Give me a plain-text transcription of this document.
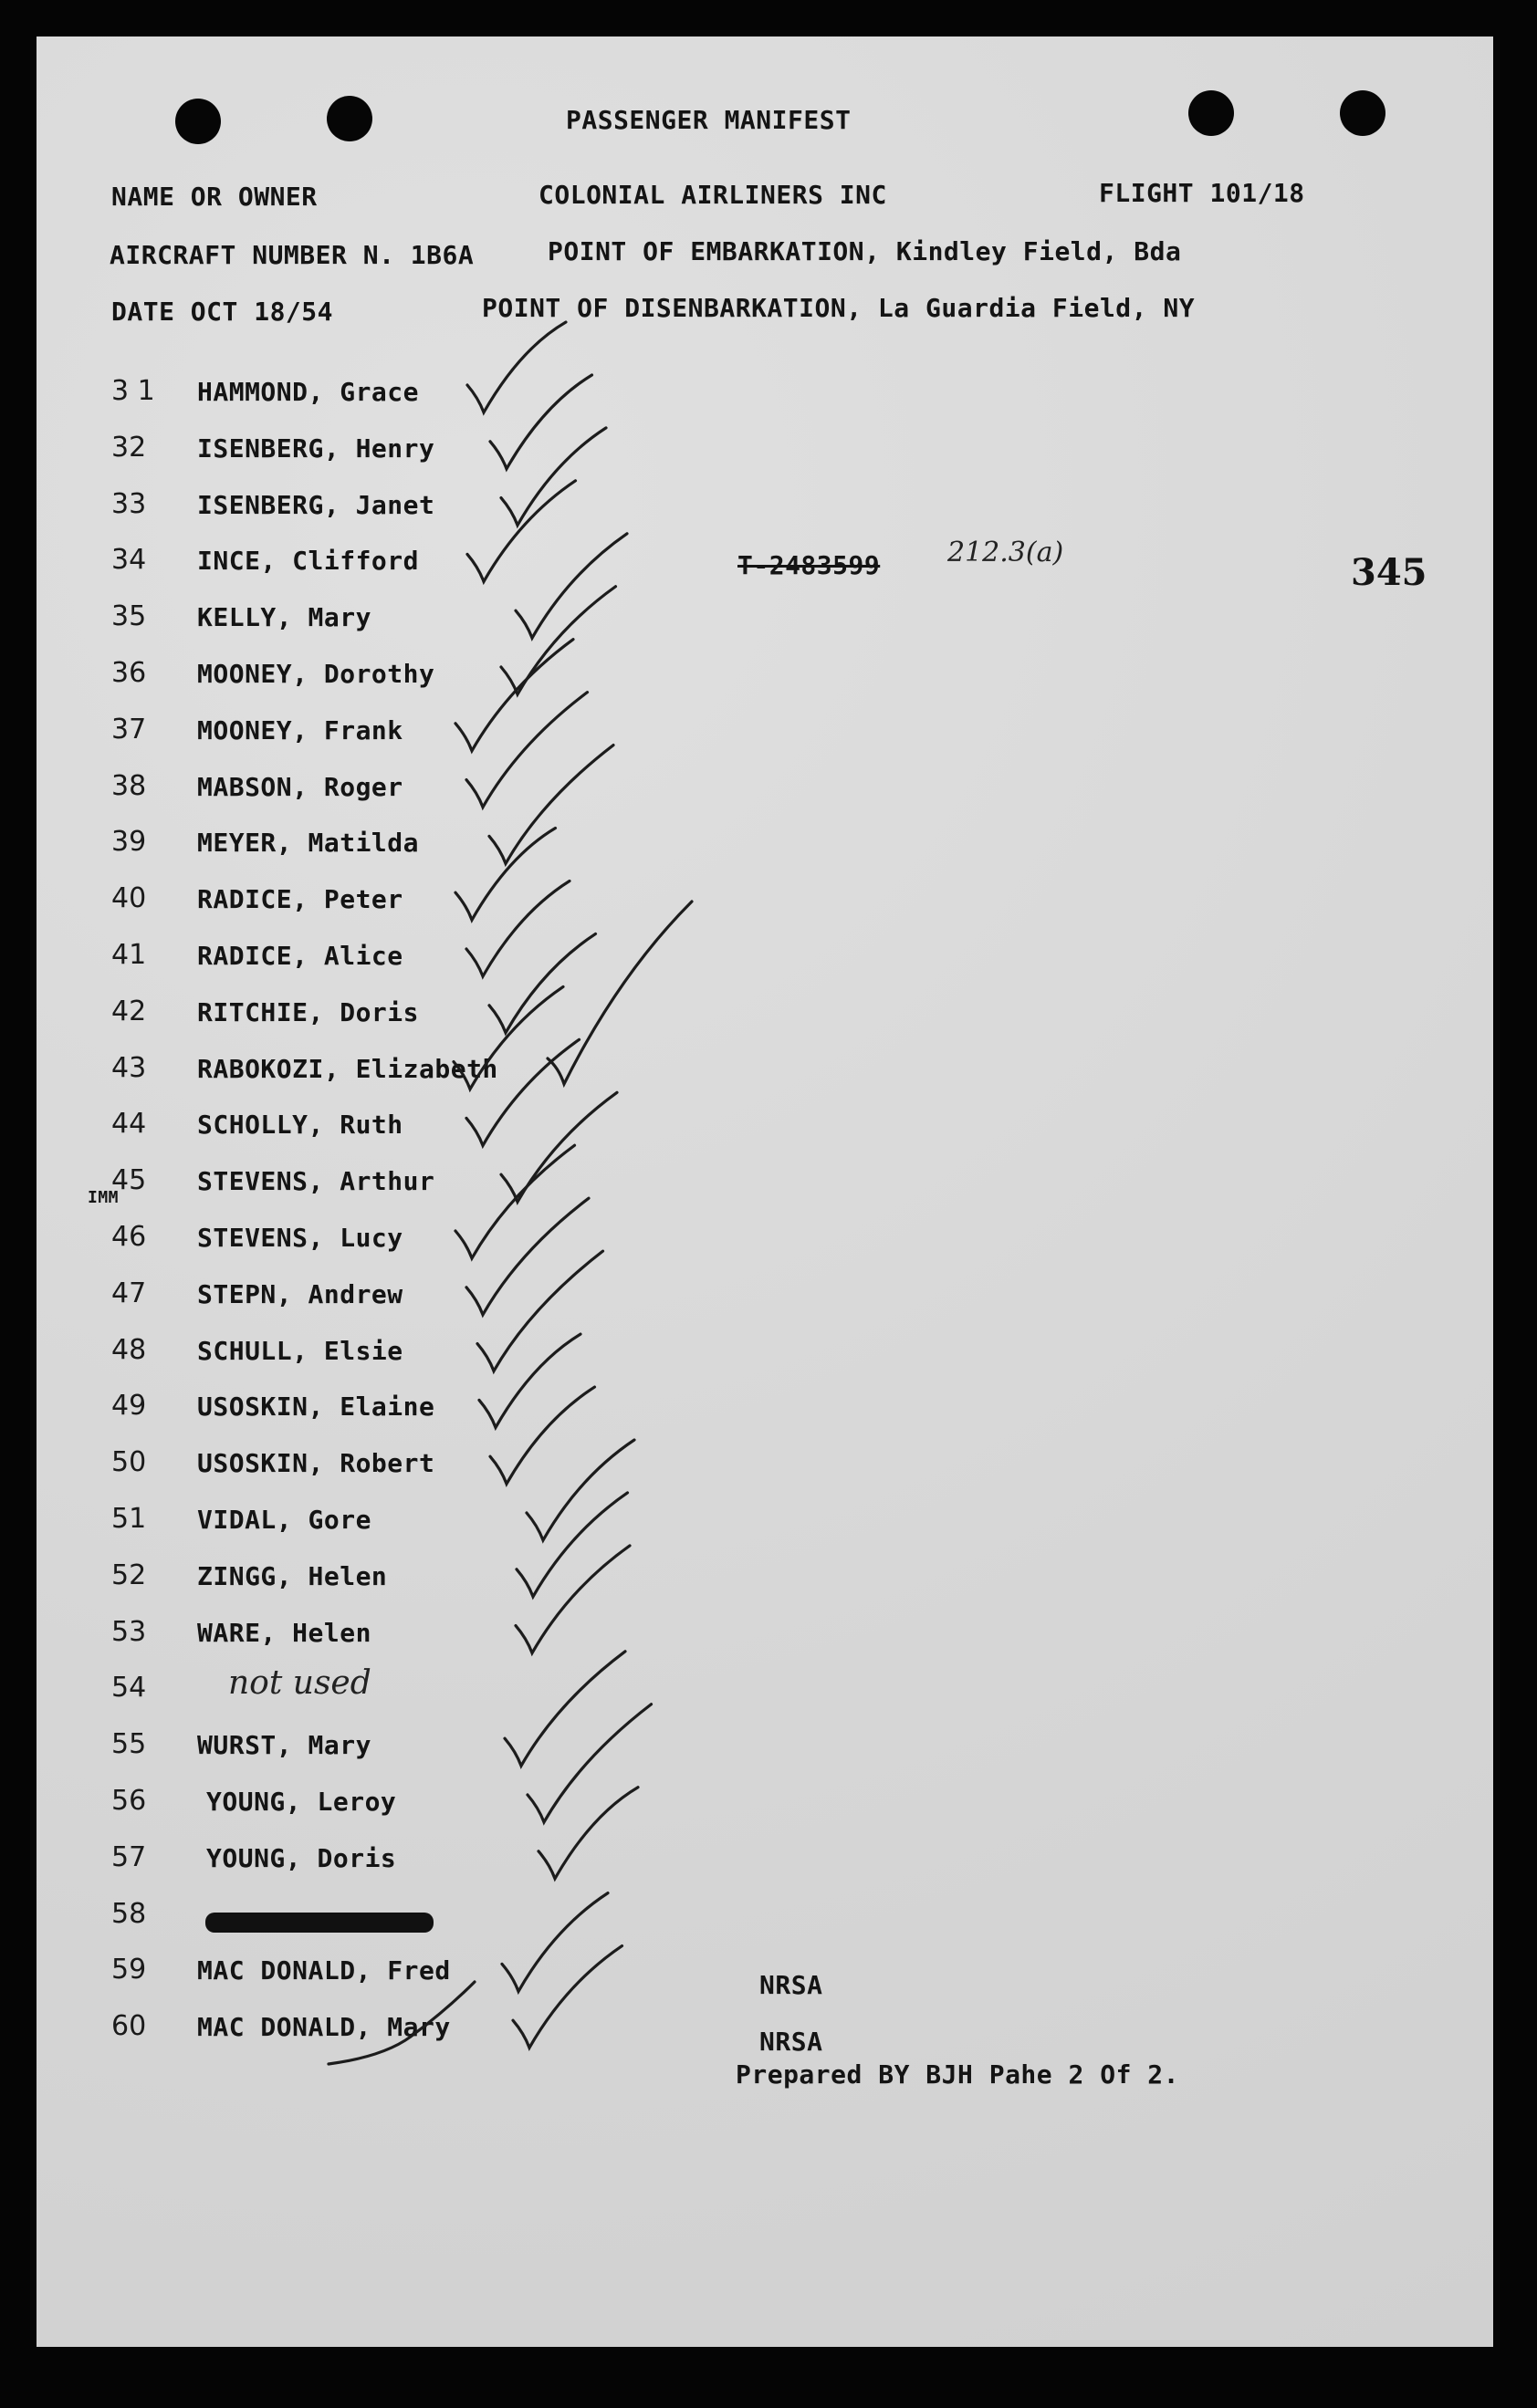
PASSENGER MANIFEST
NAME OR OWNER	COLONIAL AIRLINERS INC	FLIGHT 101/18
AIRCRAFT NUMBER N. 1B6A	POINT OF EMBARKATION, Kindley Field, Bda
DATE OCT 18/54	POINT OF DISENBARKATION, La Guardia Field, NY
T-2483599 212.3(a)	345
3 1 HAMMOND, Grace
32 ISENBERG, Henry
33 ISENBERG, Janet
34 INCE, Clifford
35 KELLY, Mary
36 MOONEY, Dorothy
37 MOONEY, Frank
38 MABSON, Roger
39 MEYER, Matilda
40 RADICE, Peter
41 RADICE, Alice
42 RITCHIE, Doris
43 RABOKOZI, Elizabeth
44 SCHOLLY, Ruth
45 STEVENS, Arthur
46 STEVENS, Lucy
47 STEPN, Andrew
48 SCHULL, Elsie
49 USOSKIN, Elaine
50 USOSKIN, Robert
51 VIDAL, Gore
52 ZINGG, Helen
53 WARE, Helen
54
55 WURST, Mary
56 YOUNG, Leroy
57 YOUNG, Doris
58
59 MAC DONALD, Fred
60 MAC DONALD, Mary
not used
IMM
NRSA
NRSA
Prepared BY BJH Pahe 2 Of 2.
